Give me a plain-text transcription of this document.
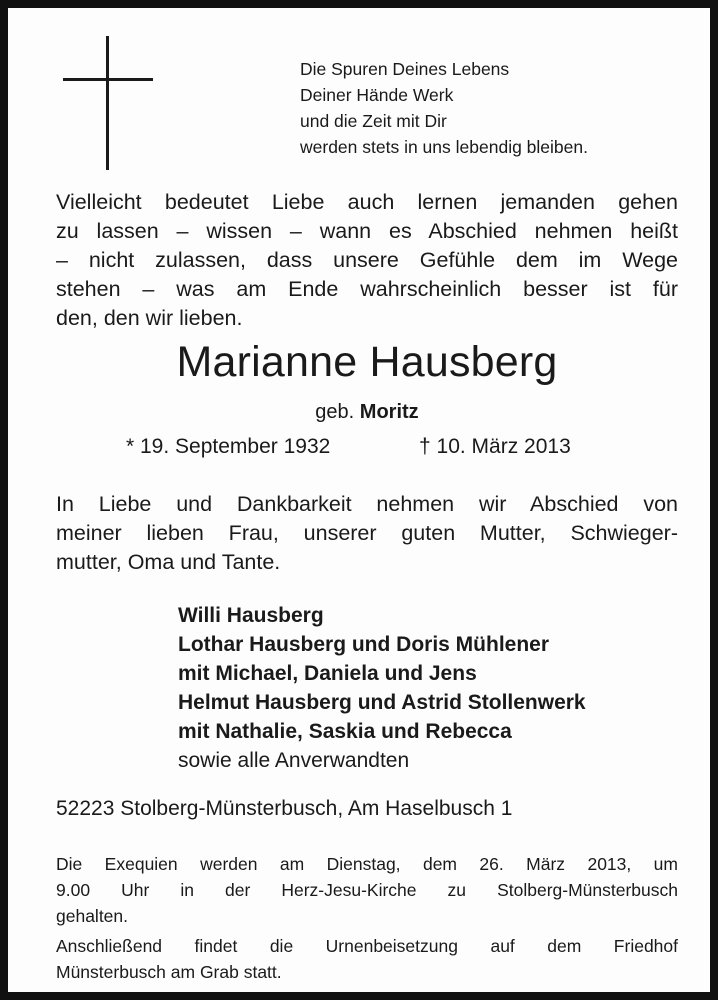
Die Spuren Deines Lebens
Deiner Hände Werk
und die Zeit mit Dir
werden stets in uns lebendig bleiben.
Vielleicht bedeutet Liebe auch lernen jemanden gehen
zu lassen – wissen – wann es Abschied nehmen heißt
– nicht zulassen, dass unsere Gefühle dem im Wege
stehen – was am Ende wahrscheinlich besser ist für
den, den wir lieben.
Marianne Hausberg
geb. Moritz
* 19. September 1932	† 10. März 2013
In Liebe und Dankbarkeit nehmen wir Abschied von
meiner lieben Frau, unserer guten Mutter, Schwieger-
mutter, Oma und Tante.
Willi Hausberg
Lothar Hausberg und Doris Mühlener
mit Michael, Daniela und Jens
Helmut Hausberg und Astrid Stollenwerk
mit Nathalie, Saskia und Rebecca
sowie alle Anverwandten
52223 Stolberg-Münsterbusch, Am Haselbusch 1
Die Exequien werden am Dienstag, dem 26. März 2013, um
9.00 Uhr in der Herz-Jesu-Kirche zu Stolberg-Münsterbusch
gehalten.
Anschließend findet die Urnenbeisetzung auf dem Friedhof
Münsterbusch am Grab statt.
